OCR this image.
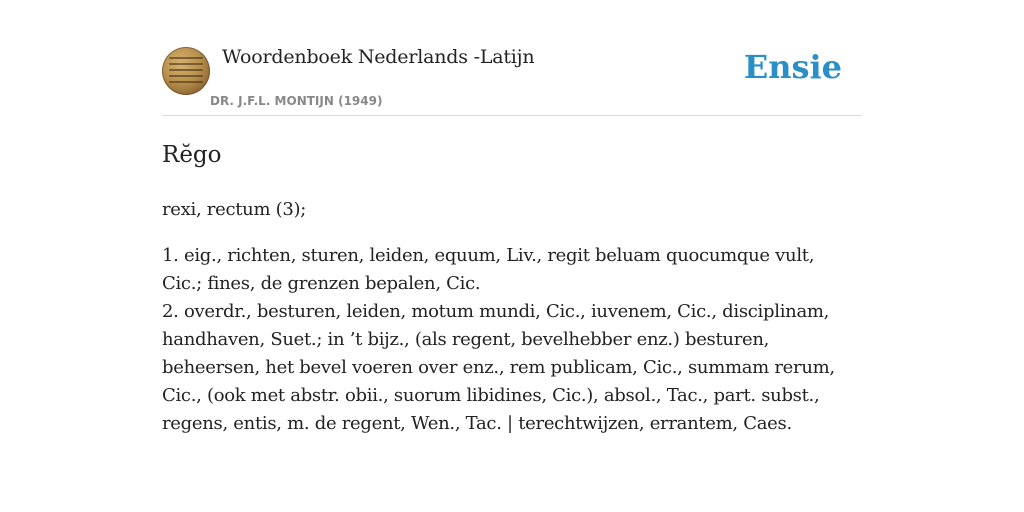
Woordenboek Nederlands -Latijn
DR. J.F.L. MONTIJN (1949)
Ensie
Rĕgo

rexi, rectum (3);

1. eig., richten, sturen, leiden, equum, Liv., regit beluam quocumque vult, Cic.; fines, de grenzen bepalen, Cic.

2. overdr., besturen, leiden, motum mundi, Cic., iuvenem, Cic., disciplinam, handhaven, Suet.; in ’t bijz., (als regent, bevelhebber enz.) besturen, beheersen, het bevel voeren over enz., rem publicam, Cic., summam rerum, Cic., (ook met abstr. obii., suorum libidines, Cic.), absol., Tac., part. subst., regens, entis, m. de regent, Wen., Tac. | terechtwijzen, errantem, Caes.
